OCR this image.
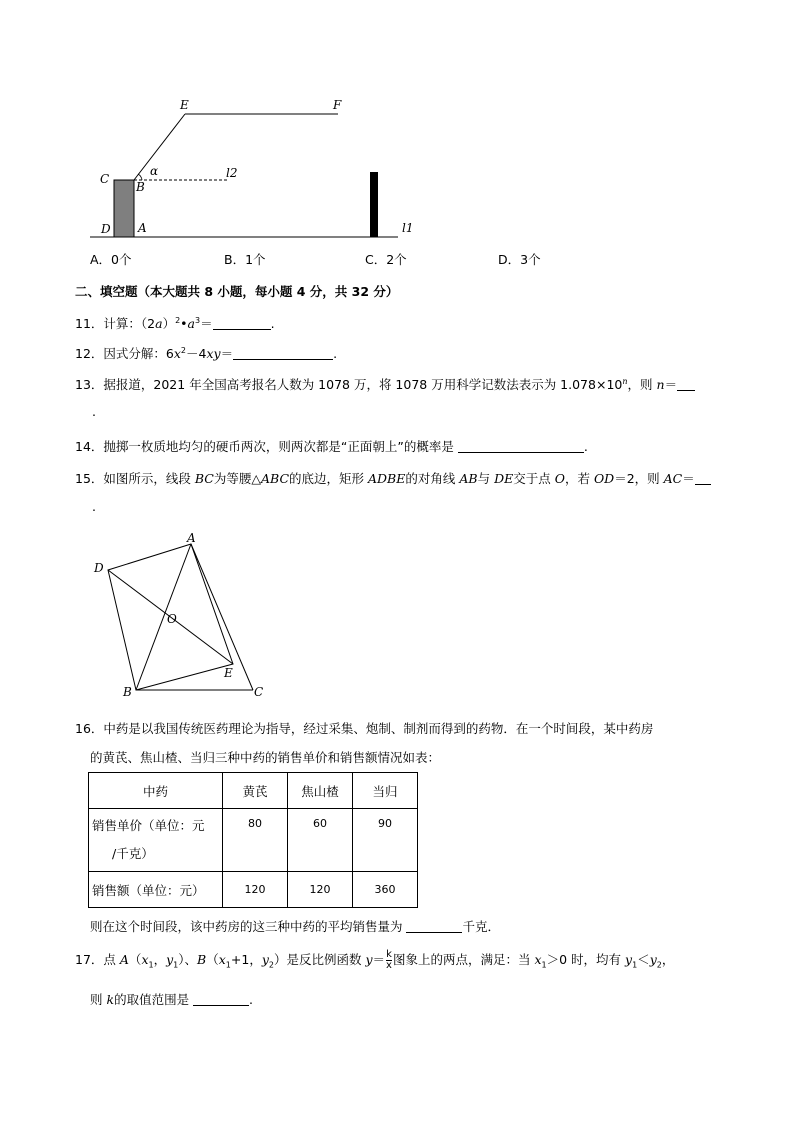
E	F
C
B
α	l2
D A	l1
A．0个	B．1个	C．2个	D．3个
二、填空题（本大题共 8 小题，每小题 4 分，共 32 分）
11．计算：$(2a)^2•a^3=$	.
12．因式分解：$6x^2-4xy=$	.
13．据报道，2021 年全国高考报名人数为 1078 万，将 1078 万用科学记数法表示为 $1.078\times 10^n$，则 n＝
.
14．抛掷一枚质地均匀的硬币两次，则两次都是“正面朝上”的概率是	.
15．如图所示，线段 BC为等腰△ABC的底边，矩形 ADBE的对角线 AB与 DE交于点 O，若 OD＝2，则 AC＝
.
A
D
O
E
B	C
16．中药是以我国传统医药理论为指导，经过采集、炮制、制剂而得到的药物．在一个时间段，某中药房
的黄芪、焦山楂、当归三种中药的销售单价和销售额情况如表：
中药	黄芪	焦山楂	当归

销售单价（单位：元
/千克）	80	60	90
销售额（单位：元）	120	120	360
则在这个时间段，该中药房的这三种中药的平均销售量为	千克．
17．点 $A(x_1$，$y_1$）、$B(x_1+1$，$y_2$）是反比例函数 $y= \frac{k}{x}$ 图象上的两点，满足：当 $x_1>0$ 时，均有 $y_1<y_2$，
则 k的取值范围是	.
